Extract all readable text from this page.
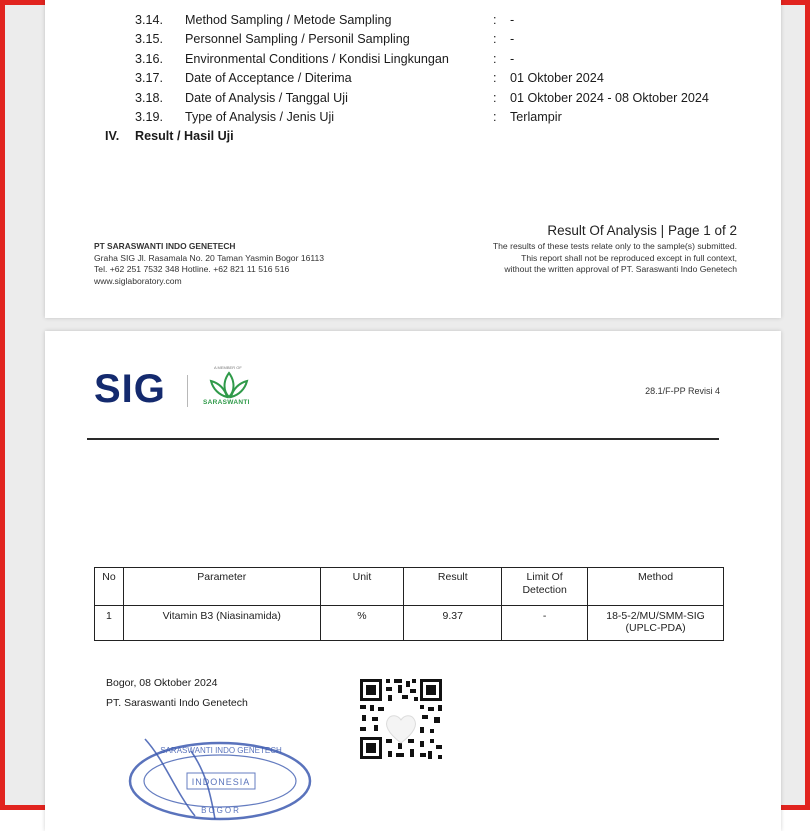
3.14.	Method Sampling / Metode Sampling	: -
3.15.	Personnel Sampling / Personil Sampling	: -
3.16.	Environmental Conditions / Kondisi Lingkungan	: -
3.17.	Date of Acceptance / Diterima	: 01 Oktober 2024
3.18.	Date of Analysis / Tanggal Uji	: 01 Oktober 2024 - 08 Oktober 2024
3.19.	Type of Analysis / Jenis Uji	: Terlampir
IV.	Result / Hasil Uji
Result Of Analysis | Page 1 of 2
PT SARASWANTI INDO GENETECH
Graha SIG Jl. Rasamala No. 20 Taman Yasmin Bogor 16113
Tel. +62 251 7532 348 Hotline. +62 821 11 516 516
www.siglaboratory.com
The results of these tests relate only to the sample(s) submitted.
This report shall not be reproduced except in full context,
without the written approval of PT. Saraswanti Indo Genetech
SIG	A MEMBER OF
SARASWANTI
28.1/F-PP Revisi 4
No	Parameter	Unit	Result	Limit Of Detection	Method
1	Vitamin B3 (Niasinamida)	%	9.37	-	18-5-2/MU/SMM-SIG (UPLC-PDA)
Bogor, 08 Oktober 2024
PT. Saraswanti Indo Genetech
INDONESIA
SARASWANTI INDO GENETECH
BOGOR
